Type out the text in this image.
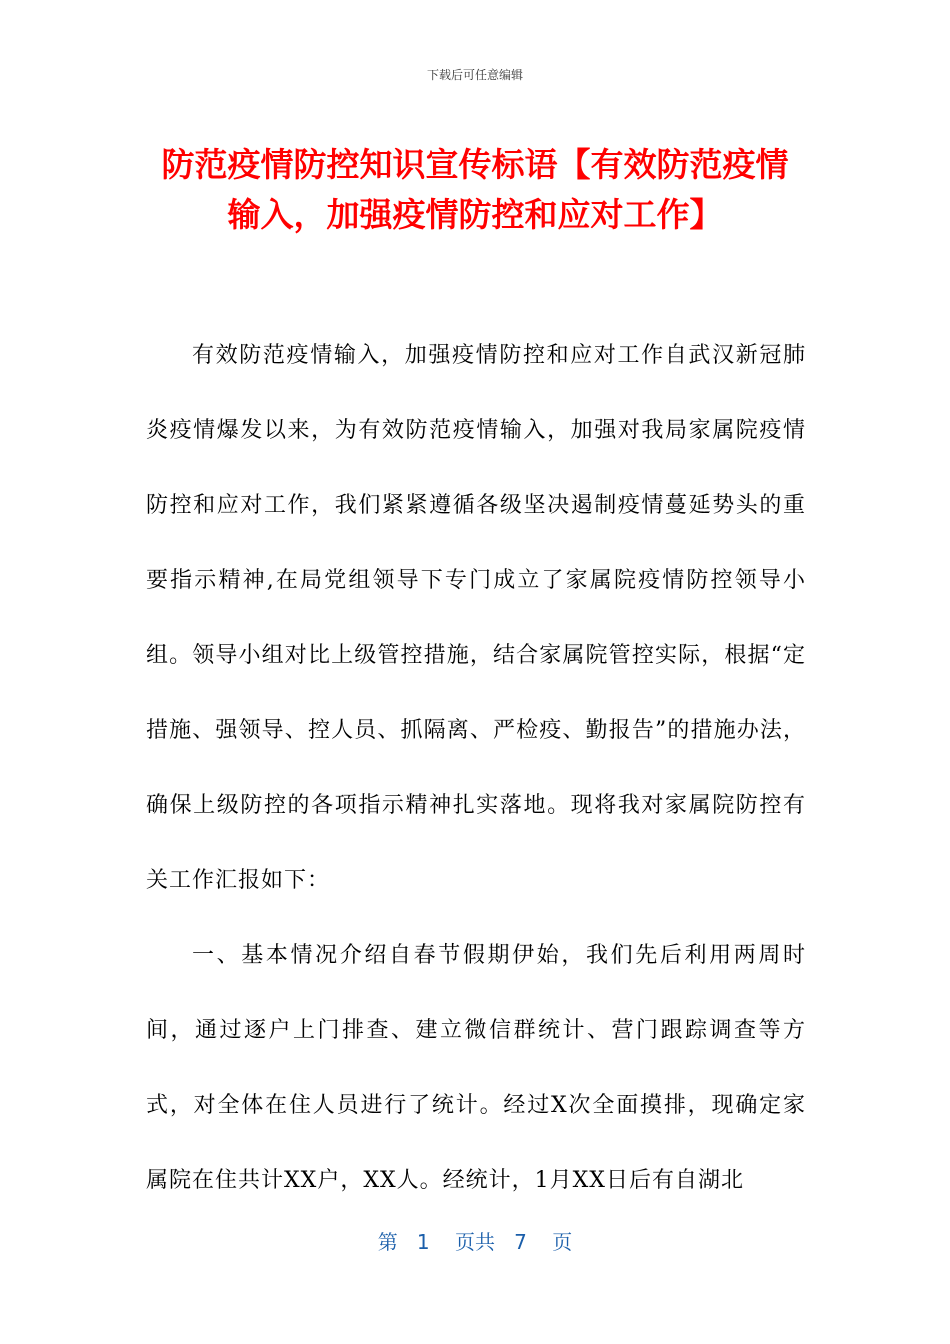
下载后可任意编辑
防范疫情防控知识宣传标语【有效防范疫情
输入，加强疫情防控和应对工作】

有效防范疫情输入，加强疫情防控和应对工作自武汉新冠肺炎疫情爆发以来，为有效防范疫情输入，加强对我局家属院疫情防控和应对工作，我们紧紧遵循各级坚决遏制疫情蔓延势头的重要指示精神,在局党组领导下专门成立了家属院疫情防控领导小组。领导小组对比上级管控措施，结合家属院管控实际，根据“定措施、强领导、控人员、抓隔离、严检疫、勤报告”的措施办法，确保上级防控的各项指示精神扎实落地。现将我对家属院防控有关工作汇报如下：

一、基本情况介绍自春节假期伊始，我们先后利用两周时间，通过逐户上门排查、建立微信群统计、营门跟踪调查等方式，对全体在住人员进行了统计。经过X次全面摸排，现确定家属院在住共计XX户，XX人。经统计，1月XX日后有自湖北

第 1 页共 7 页
